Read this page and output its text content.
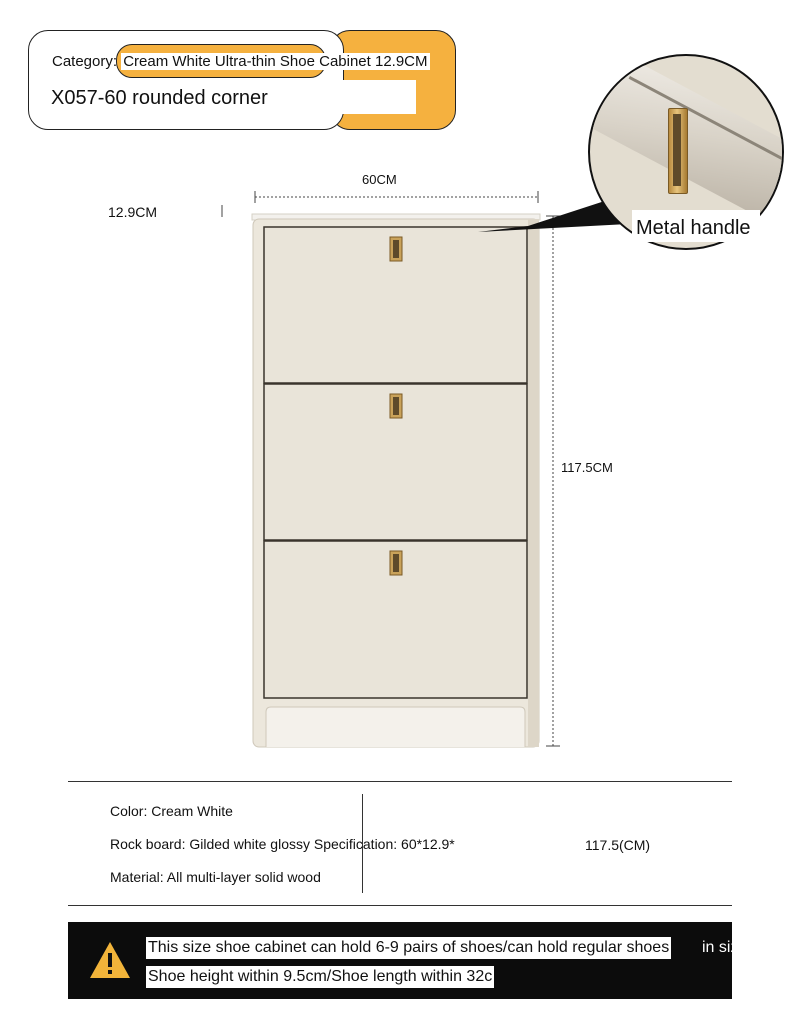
Category: Cream White Ultra-thin Shoe Cabinet 12.9CM
X057-60 rounded corner
Metal handle
60CM
12.9CM
117.5CM
Color: Cream White
Rock board: Gilded white glossy Specification: 60*12.9*	117.5(CM)
Material: All multi-layer solid wood
This size shoe cabinet can hold 6-9 pairs of shoes/can hold regular shoes in size 42
Shoe height within 9.5cm/Shoe length within 32c
